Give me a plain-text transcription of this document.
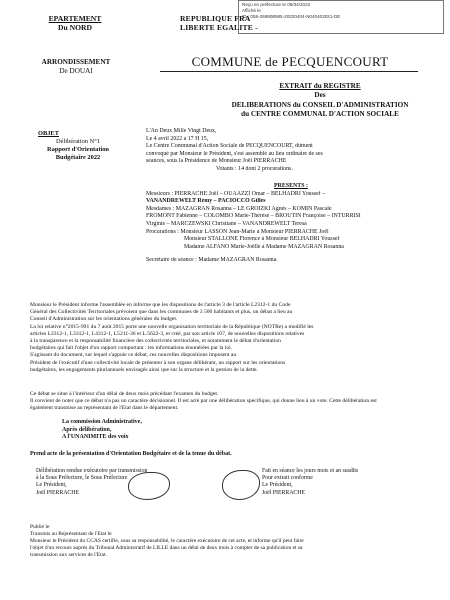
Reçu en préfecture le 05/04/2022
Affiché le
ID : 059-269908585-20220404-N040402021-DE
EPARTEMENT
Du NORD
REPUBLIQUE FRA
LIBERTE EGALITE -
ARRONDISSEMENT
De DOUAI
COMMUNE de PECQUENCOURT
EXTRAIT du REGISTRE
Des
DELIBERATIONS du CONSEIL D'ADMINISTRATION
du CENTRE COMMUNAL D'ACTION SOCIALE
OBJET
Délibération N°1
Rapport d'Orientation
Budgétaire 2022
L'An Deux Mille Vingt Deux,
Le 4 avril 2022 à 17 H 15,
Le Centre Communal d'Action Sociale de PECQUENCOURT, dûment
convoqué par Monsieur le Président, s'est assemblé au lieu ordinaire de ses
séances, sous la Présidence de Monsieur Joël PIERRACHE
Votants : 14 dont 2 procurations.
PRESENTS :
Messieurs : PIERRACHE Joël – OUAAZZI Omar – BELHADRI Youssef –
VANANDREWELT Rémy – PACIOCCO Gilles
Mesdames : MAZAGRAN Rosanna – LE GROIZKI Agnès – KOMIN Pascale
FROMONT Fabienne – COLOMBO Marie-Thérèse – BROUTIN Françoise – INTURRISI
Virginie – MARCZEWSKI Christiane – VANANDREWELT Teresa
Procurations : Monsieur LASSON Jean-Marie à Monsieur PIERRACHE Joël
Monsieur STALLONE Florence à Monsieur BELHADRI Youssef
Madame ALFANO Marie-Joëlle à Madame MAZAGRAN Rosanna
Secrétaire de séance : Madame MAZAGRAN Rosanna.
Monsieur le Président informe l'assemblée en informe que les dispositions de l'article 3 de l'article L2312-1 du Code
Général des Collectivités Territoriales prévoient que dans les communes de 3 500 habitants et plus, un débat a lieu au
Conseil d'Administration sur les orientations générales du budget.
La loi relative n°2015-991 du 7 août 2015 porte une nouvelle organisation territoriale de la République (NOTRe) a modifié les
articles L2312-1, L3312-1, L4312-1, L5211-36 et L.5622-3, et créé, par son article 107, de nouvelles dispositions relatives
à la transparence et la responsabilité financière des collectivités territoriales, et notamment le débat d'orientation
budgétaires qui fait l'objet d'un rapport comportant : les informations énumérées par la loi.
S'agissant du document, sur lequel s'appuie ce débat, ces nouvelles dispositions imposent au
Président de l'exécutif d'une collectivité locale de présenter à son organe délibérant, un rapport sur les orientations
budgétaires, les engagements pluriannuels envisagés ainsi que sur la structure et la gestion de la dette.
Ce débat se situe à l'intérieur d'un délai de deux mois précédant l'examen du budget.
Il convient de noter que ce débat n'a pas un caractère décisionnel. Il est acté par une délibération spécifique, qui donne lieu à un vote. Cette délibération est
également transmise au représentant de l'Etat dans le département.
La commission Administrative,
Après délibération,
A l'UNANIMITE des voix
Prend acte de la présentation d'Orientation Budgétaire et de la tenue du débat.
Délibération rendue exécutoire par transmission
à la Sous Préfecture, le Sous Préfecture
Le Président,
Joël PIERRACHE
Fait en séance les jours mois et an susdits
Pour extrait conforme
Le Président,
Joël PIERRACHE
Publié le
Transmis au Représentant de l'Etat le
Monsieur le Président du CCAS certifie, sous sa responsabilité, le caractère exécutoire de cet acte, et informe qu'il peut faire
l'objet d'un recours auprès du Tribunal Administratif de LILLE dans un délai de deux mois à compter de sa publication et sa
transmission aux services de l'Etat.
